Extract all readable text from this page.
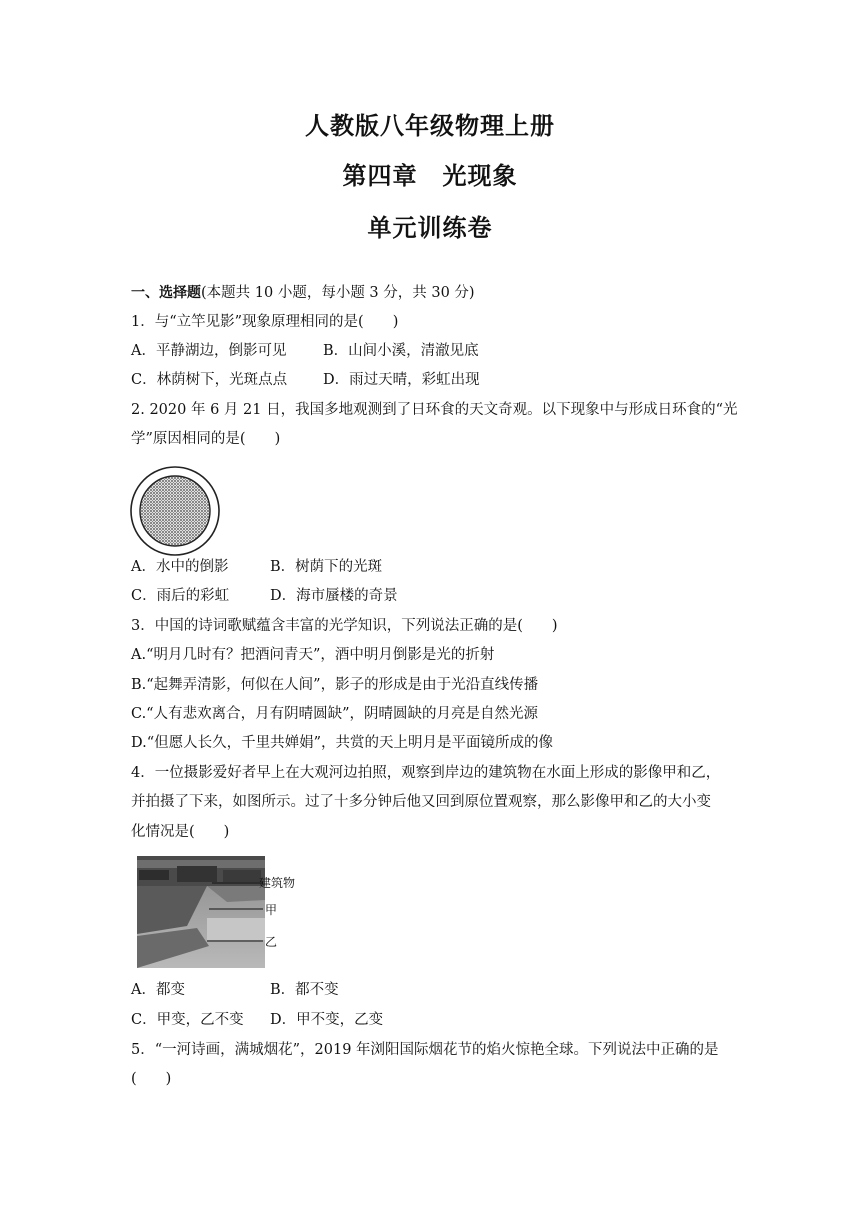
人教版八年级物理上册
第四章　光现象
单元训练卷
一、选择题(本题共 10 小题，每小题 3 分，共 30 分)
1．与“立竿见影”现象原理相同的是(　　)
A．平静湖边，倒影可见	B．山间小溪，清澈见底
C．林荫树下，光斑点点 D．雨过天晴，彩虹出现
2. 2020 年 6 月 21 日，我国多地观测到了日环食的天文奇观。以下现象中与形成日环食的“光
学”原因相同的是(　　)
A．水中的倒影	B．树荫下的光斑
C．雨后的彩虹	D．海市蜃楼的奇景
3．中国的诗词歌赋蕴含丰富的光学知识，下列说法正确的是(　　)
A.“明月几时有？把酒问青天”，酒中明月倒影是光的折射
B.“起舞弄清影，何似在人间”，影子的形成是由于光沿直线传播
C.“人有悲欢离合，月有阴晴圆缺”，阴晴圆缺的月亮是自然光源
D.“但愿人长久，千里共婵娟”，共赏的天上明月是平面镜所成的像
4．一位摄影爱好者早上在大观河边拍照，观察到岸边的建筑物在水面上形成的影像甲和乙，
并拍摄了下来，如图所示。过了十多分钟后他又回到原位置观察，那么影像甲和乙的大小变
化情况是(　　)
建筑物
甲
乙
A．都变	B．都不变
C．甲变，乙不变 D．甲不变，乙变
5．“一河诗画，满城烟花”，2019 年浏阳国际烟花节的焰火惊艳全球。下列说法中正确的是
(　　)
